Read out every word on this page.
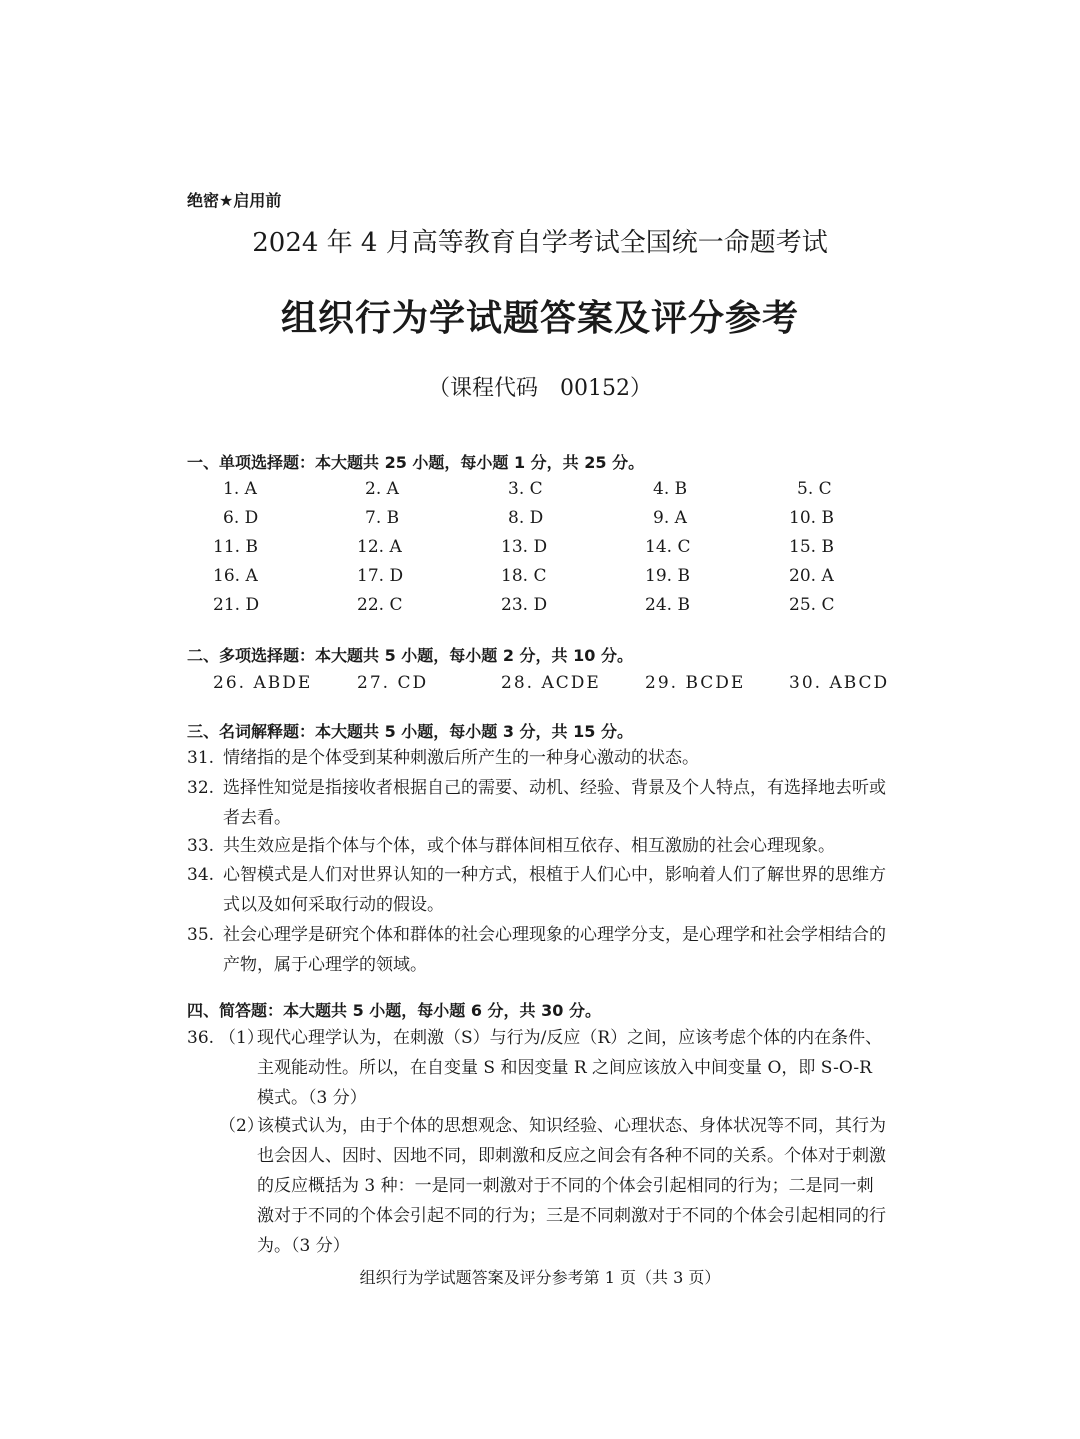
绝密★启用前
2024 年 4 月高等教育自学考试全国统一命题考试
组织行为学试题答案及评分参考
（课程代码　00152）
一、单项选择题：本大题共 25 小题，每小题 1 分，共 25 分。
1. A	2. A	3. C	4. B	5. C
6. D	7. B	8. D	9. A	10. B
11. B	12. A	13. D	14. C	15. B
16. A	17. D	18. C	19. B	20. A
21. D	22. C	23. D	24. B	25. C
二、多项选择题：本大题共 5 小题，每小题 2 分，共 10 分。
26. ABDE	27. CD	28. ACDE	29. BCDE	30. ABCD
三、名词解释题：本大题共 5 小题，每小题 3 分，共 15 分。
31. 情绪指的是个体受到某种刺激后所产生的一种身心激动的状态。
32. 选择性知觉是指接收者根据自己的需要、动机、经验、背景及个人特点，有选择地去听或者去看。
33. 共生效应是指个体与个体，或个体与群体间相互依存、相互激励的社会心理现象。
34. 心智模式是人们对世界认知的一种方式，根植于人们心中，影响着人们了解世界的思维方式以及如何采取行动的假设。
35. 社会心理学是研究个体和群体的社会心理现象的心理学分支，是心理学和社会学相结合的产物，属于心理学的领域。
四、简答题：本大题共 5 小题，每小题 6 分，共 30 分。
36. （1）
现代心理学认为，在刺激（S）与行为/反应（R）之间，应该考虑个体的内在条件、主观能动性。所以，在自变量 S 和因变量 R 之间应该放入中间变量 O，即 S-O-R 模式。（3 分）
（2）
该模式认为，由于个体的思想观念、知识经验、心理状态、身体状况等不同，其行为也会因人、因时、因地不同，即刺激和反应之间会有各种不同的关系。个体对于刺激的反应概括为 3 种：一是同一刺激对于不同的个体会引起相同的行为；二是同一刺激对于不同的个体会引起不同的行为；三是不同刺激对于不同的个体会引起相同的行为。（3 分）
组织行为学试题答案及评分参考第 1 页（共 3 页）
